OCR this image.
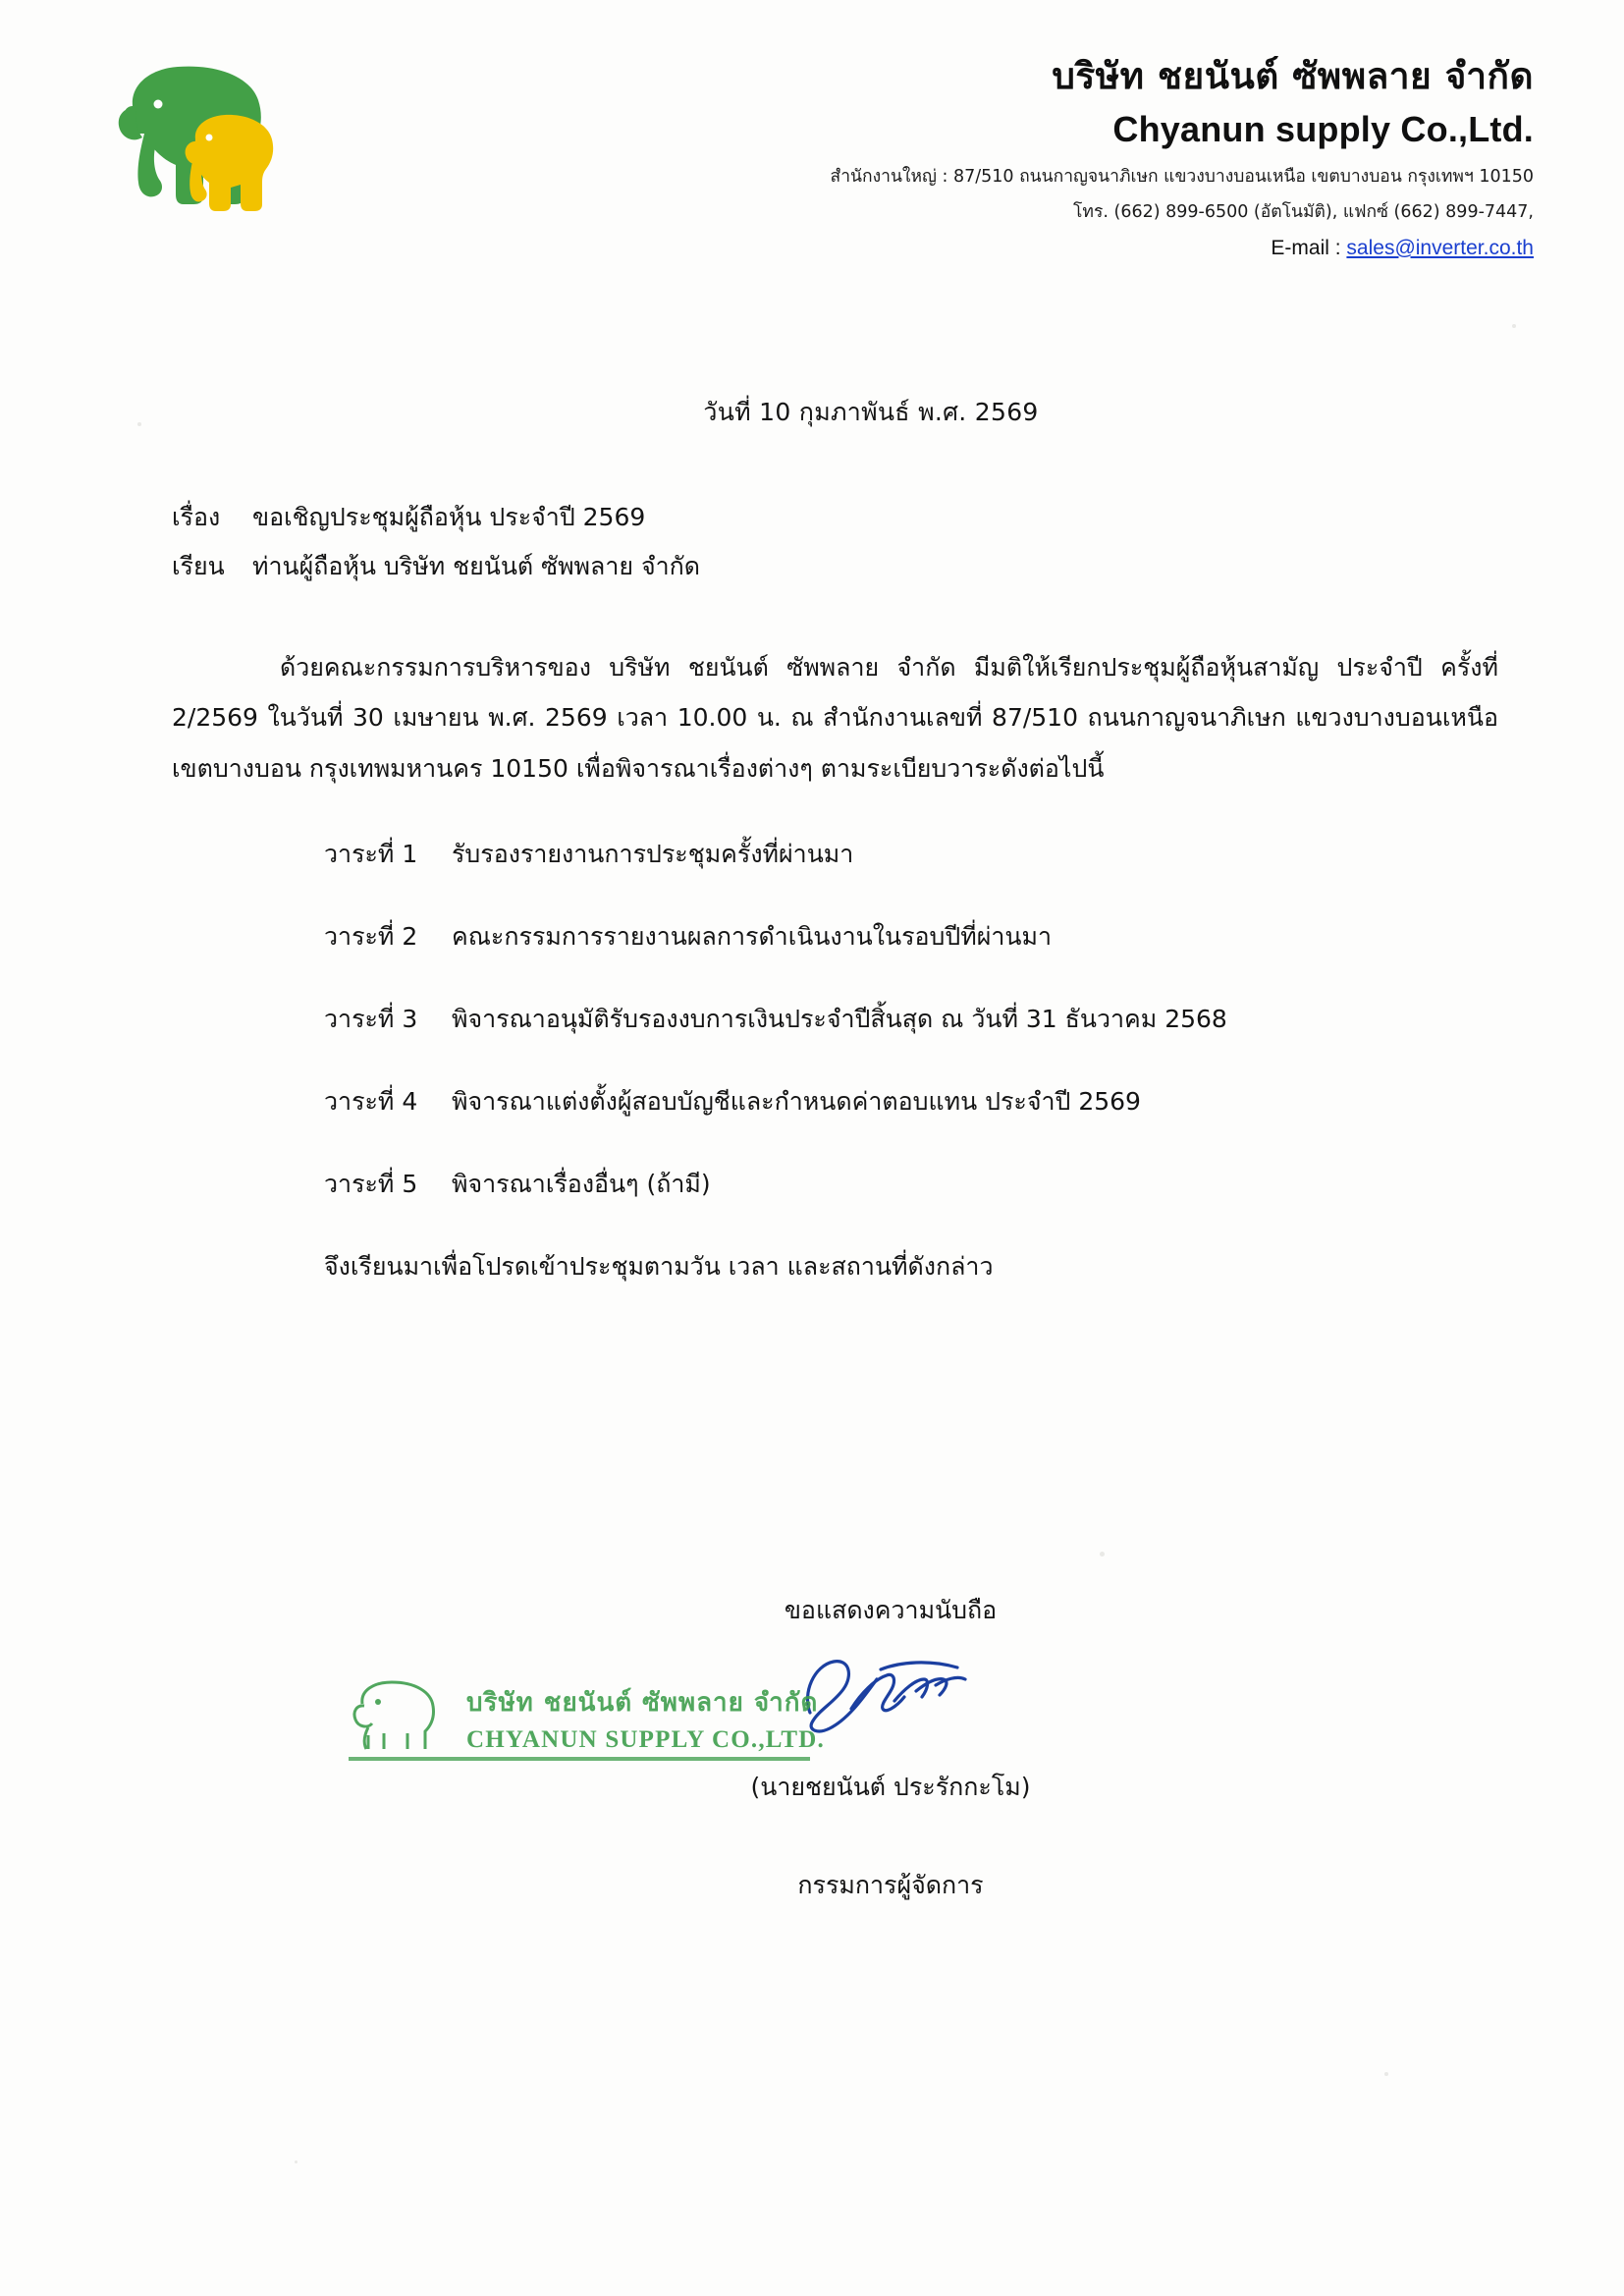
บริษัท ชยนันต์ ซัพพลาย จำกัด
Chyanun supply Co.,Ltd.
สำนักงานใหญ่ : 87/510 ถนนกาญจนาภิเษก แขวงบางบอนเหนือ เขตบางบอน กรุงเทพฯ 10150
โทร. (662) 899-6500 (อัตโนมัติ), แฟกซ์ (662) 899-7447,
E-mail : sales@inverter.co.th
วันที่ 10 กุมภาพันธ์ พ.ศ. 2569
เรื่อง ขอเชิญประชุมผู้ถือหุ้น ประจำปี 2569
เรียน ท่านผู้ถือหุ้น บริษัท ชยนันต์ ซัพพลาย จำกัด
ด้วยคณะกรรมการบริหารของ บริษัท ชยนันต์ ซัพพลาย จำกัด มีมติให้เรียกประชุมผู้ถือหุ้นสามัญ ประจำปี ครั้งที่ 2/2569 ในวันที่ 30 เมษายน พ.ศ. 2569 เวลา 10.00 น. ณ สำนักงานเลขที่ 87/510 ถนนกาญจนาภิเษก แขวงบางบอนเหนือ เขตบางบอน กรุงเทพมหานคร 10150 เพื่อพิจารณาเรื่องต่างๆ ตามระเบียบวาระดังต่อไปนี้
วาระที่ 1 รับรองรายงานการประชุมครั้งที่ผ่านมา
วาระที่ 2 คณะกรรมการรายงานผลการดำเนินงานในรอบปีที่ผ่านมา
วาระที่ 3 พิจารณาอนุมัติรับรองงบการเงินประจำปีสิ้นสุด ณ วันที่ 31 ธันวาคม 2568
วาระที่ 4 พิจารณาแต่งตั้งผู้สอบบัญชีและกำหนดค่าตอบแทน ประจำปี 2569
วาระที่ 5 พิจารณาเรื่องอื่นๆ (ถ้ามี)
จึงเรียนมาเพื่อโปรดเข้าประชุมตามวัน เวลา และสถานที่ดังกล่าว
ขอแสดงความนับถือ
บริษัท ชยนันต์ ซัพพลาย จำกัด
CHYANUN SUPPLY CO.,LTD.
(นายชยนันต์ ประรักกะโม)
กรรมการผู้จัดการ
